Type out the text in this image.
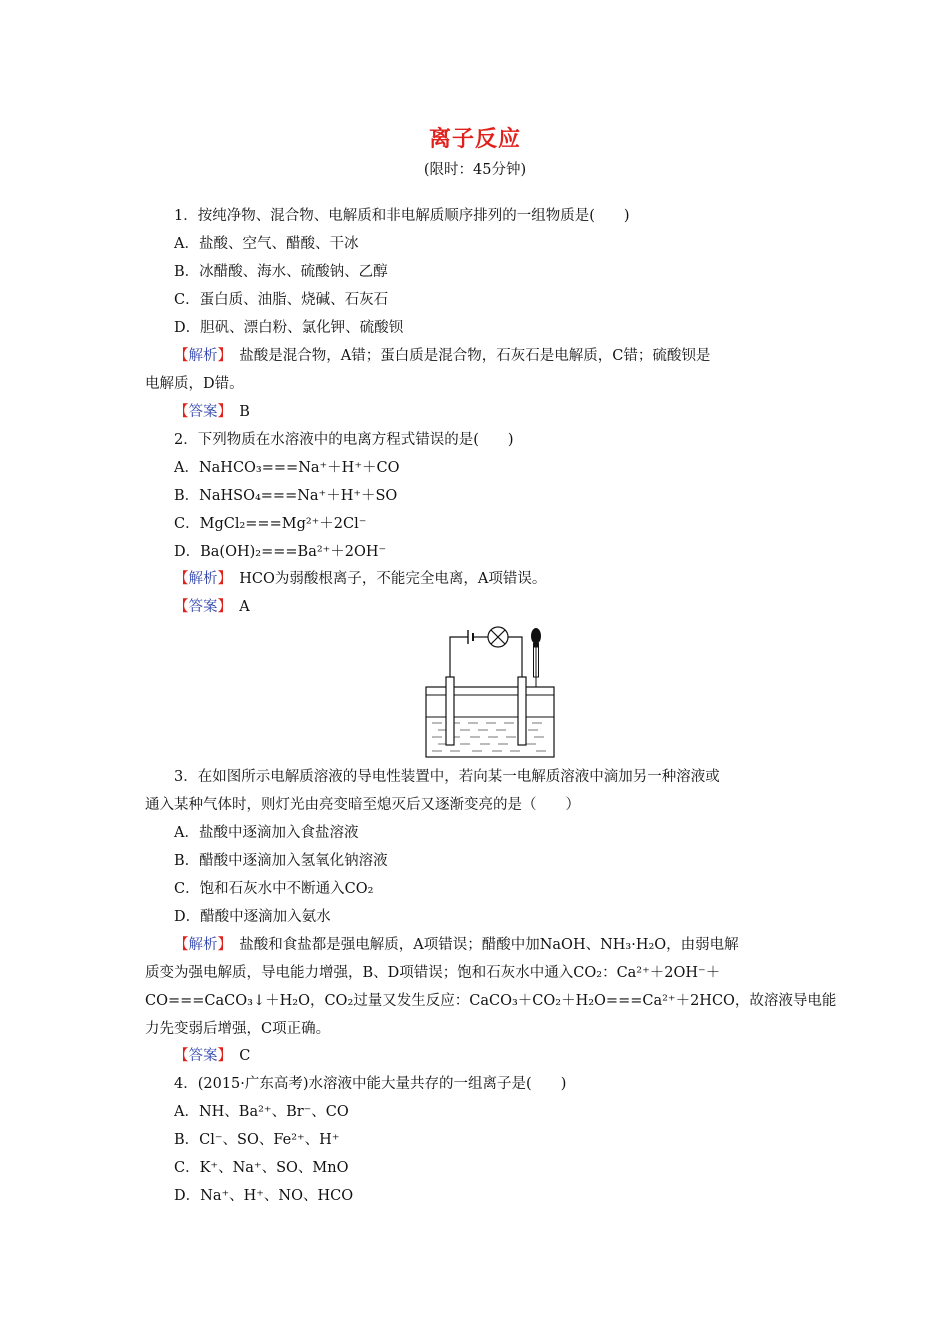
离子反应
(限时：45分钟)
1．按纯净物、混合物、电解质和非电解质顺序排列的一组物质是(　　)
A．盐酸、空气、醋酸、干冰
B．冰醋酸、海水、硫酸钠、乙醇
C．蛋白质、油脂、烧碱、石灰石
D．胆矾、漂白粉、氯化钾、硫酸钡
【解析】　盐酸是混合物，A错；蛋白质是混合物，石灰石是电解质，C错；硫酸钡是
电解质，D错。
【答案】　B
2．下列物质在水溶液中的电离方程式错误的是(　　)
A．NaHCO₃===Na⁺＋H⁺＋CO
B．NaHSO₄===Na⁺＋H⁺＋SO
C．MgCl₂===Mg²⁺＋2Cl⁻
D．Ba(OH)₂===Ba²⁺＋2OH⁻
【解析】　HCO为弱酸根离子，不能完全电离，A项错误。
【答案】　A
3．在如图所示电解质溶液的导电性装置中，若向某一电解质溶液中滴加另一种溶液或
通入某种气体时，则灯光由亮变暗至熄灭后又逐渐变亮的是（　　）
A．盐酸中逐滴加入食盐溶液
B．醋酸中逐滴加入氢氧化钠溶液
C．饱和石灰水中不断通入CO₂
D．醋酸中逐滴加入氨水
【解析】　盐酸和食盐都是强电解质，A项错误；醋酸中加NaOH、NH₃·H₂O，由弱电解
质变为强电解质，导电能力增强，B、D项错误；饱和石灰水中通入CO₂：Ca²⁺＋2OH⁻＋
CO===CaCO₃↓＋H₂O，CO₂过量又发生反应：CaCO₃＋CO₂＋H₂O===Ca²⁺＋2HCO，故溶液导电能
力先变弱后增强，C项正确。
【答案】　C
4．(2015·广东高考)水溶液中能大量共存的一组离子是(　　)
A．NH、Ba²⁺、Br⁻、CO
B．Cl⁻、SO、Fe²⁺、H⁺
C．K⁺、Na⁺、SO、MnO
D．Na⁺、H⁺、NO、HCO
